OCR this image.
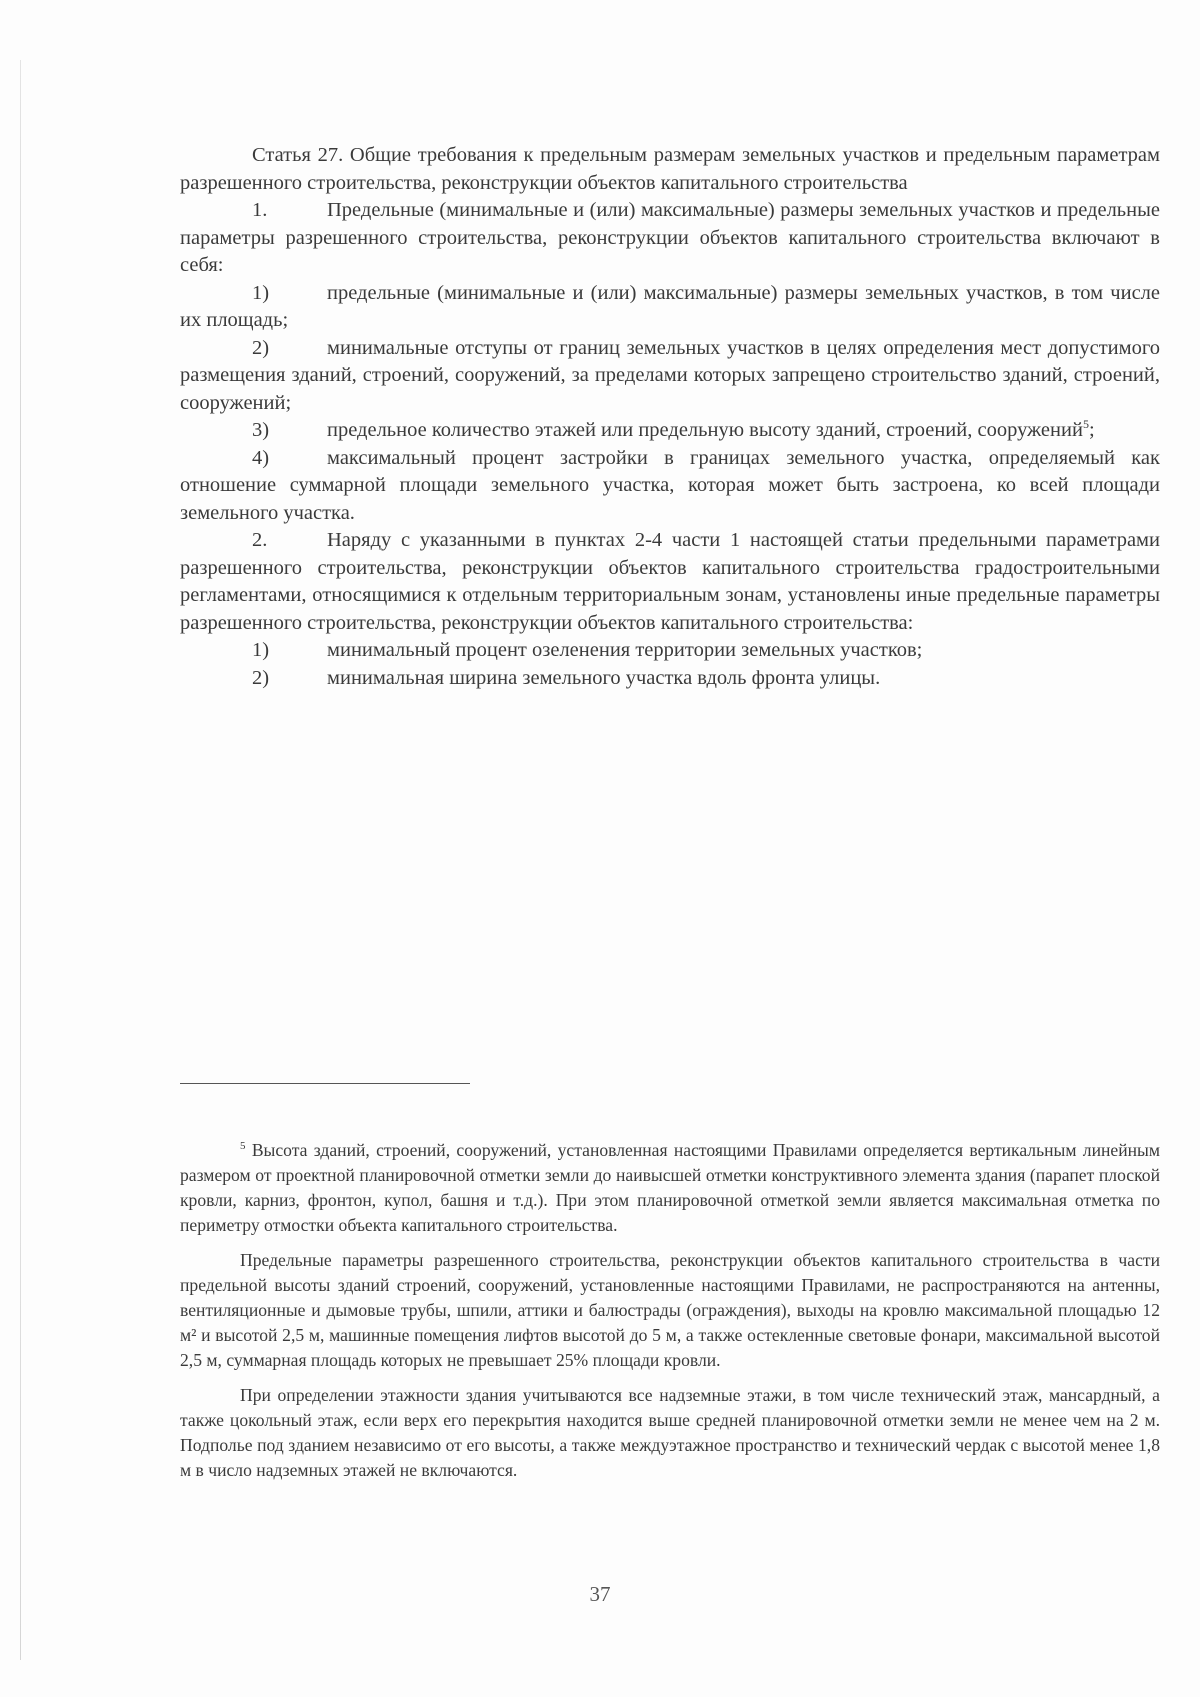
Статья 27. Общие требования к предельным размерам земельных участков и предельным параметрам разрешенного строительства, реконструкции объектов капитального строительства

1.	Предельные (минимальные и (или) максимальные) размеры земельных участков и предельные параметры разрешенного строительства, реконструкции объектов капитального строительства включают в себя:

1)	предельные (минимальные и (или) максимальные) размеры земельных участков, в том числе их площадь;

2)	минимальные отступы от границ земельных участков в целях определения мест допустимого размещения зданий, строений, сооружений, за пределами которых запрещено строительство зданий, строений, сооружений;

3)	предельное количество этажей или предельную высоту зданий, строений, сооружений$^5$;

4)	максимальный процент застройки в границах земельного участка, определяемый как отношение суммарной площади земельного участка, которая может быть застроена, ко всей площади земельного участка.

2.	Наряду с указанными в пунктах 2-4 части 1 настоящей статьи предельными параметрами разрешенного строительства, реконструкции объектов капитального строительства градостроительными регламентами, относящимися к отдельным территориальным зонам, установлены иные предельные параметры разрешенного строительства, реконструкции объектов капитального строительства:

1)	минимальный процент озеленения территории земельных участков;

2)	минимальная ширина земельного участка вдоль фронта улицы.

$^5$ Высота зданий, строений, сооружений, установленная настоящими Правилами определяется вертикальным линейным размером от проектной планировочной отметки земли до наивысшей отметки конструктивного элемента здания (парапет плоской кровли, карниз, фронтон, купол, башня и т.д.). При этом планировочной отметкой земли является максимальная отметка по периметру отмостки объекта капитального строительства.

Предельные параметры разрешенного строительства, реконструкции объектов капитального строительства в части предельной высоты зданий строений, сооружений, установленные настоящими Правилами, не распространяются на антенны, вентиляционные и дымовые трубы, шпили, аттики и балюстрады (ограждения), выходы на кровлю максимальной площадью 12 м² и высотой 2,5 м, машинные помещения лифтов высотой до 5 м, а также остекленные световые фонари, максимальной высотой 2,5 м, суммарная площадь которых не превышает 25% площади кровли.

При определении этажности здания учитываются все надземные этажи, в том числе технический этаж, мансардный, а также цокольный этаж, если верх его перекрытия находится выше средней планировочной отметки земли не менее чем на 2 м. Подполье под зданием независимо от его высоты, а также междуэтажное пространство и технический чердак с высотой менее 1,8 м в число надземных этажей не включаются.

37
